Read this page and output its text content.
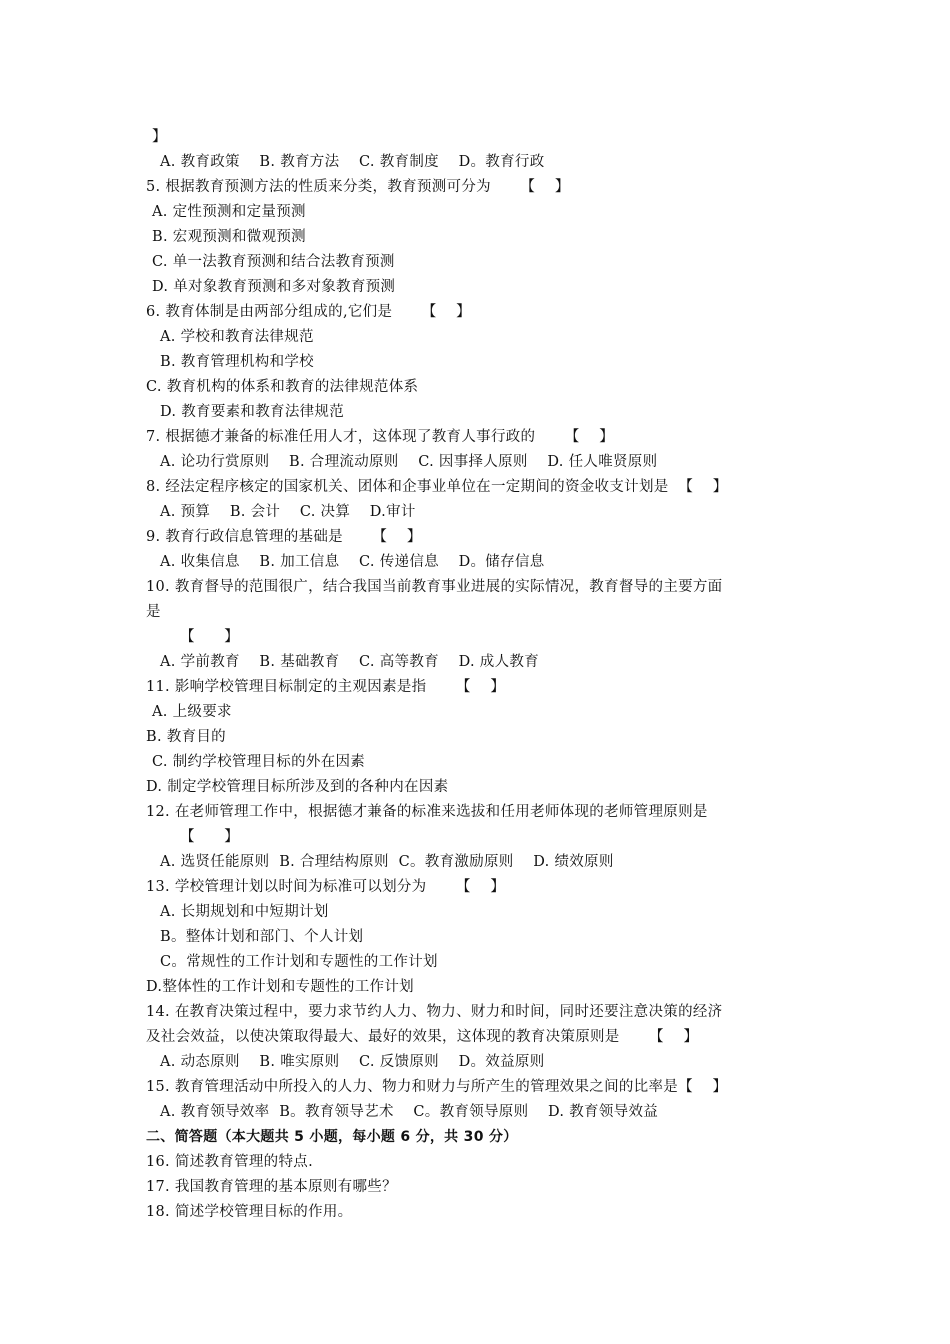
】
A. 教育政策    B. 教育方法    C. 教育制度    D。教育行政
5. 根据教育预测方法的性质来分类，教育预测可分为      【    】
A. 定性预测和定量预测
B. 宏观预测和微观预测
C. 单一法教育预测和结合法教育预测
D. 单对象教育预测和多对象教育预测
6. 教育体制是由两部分组成的,它们是      【    】
A. 学校和教育法律规范
B. 教育管理机构和学校
C. 教育机构的体系和教育的法律规范体系
D. 教育要素和教育法律规范
7. 根据德才兼备的标准任用人才，这体现了教育人事行政的      【    】
A. 论功行赏原则    B. 合理流动原则    C. 因事择人原则    D. 任人唯贤原则
8. 经法定程序核定的国家机关、团体和企事业单位在一定期间的资金收支计划是  【    】
A. 预算    B. 会计    C. 决算    D.审计
9. 教育行政信息管理的基础是      【    】
A. 收集信息    B. 加工信息    C. 传递信息    D。储存信息
10. 教育督导的范围很广，结合我国当前教育事业进展的实际情况，教育督导的主要方面
是
【      】
A. 学前教育    B. 基础教育    C. 高等教育    D. 成人教育
11. 影响学校管理目标制定的主观因素是指      【    】
A. 上级要求
B. 教育目的
C. 制约学校管理目标的外在因素
D. 制定学校管理目标所涉及到的各种内在因素
12. 在老师管理工作中，根据德才兼备的标准来选拔和任用老师体现的老师管理原则是
【      】
A. 选贤任能原则  B. 合理结构原则  C。教育激励原则    D. 绩效原则
13. 学校管理计划以时间为标准可以划分为      【    】
A. 长期规划和中短期计划
B。整体计划和部门、个人计划
C。常规性的工作计划和专题性的工作计划
D.整体性的工作计划和专题性的工作计划
14. 在教育决策过程中，要力求节约人力、物力、财力和时间，同时还要注意决策的经济
及社会效益，以使决策取得最大、最好的效果，这体现的教育决策原则是      【    】
A. 动态原则    B. 唯实原则    C. 反馈原则    D。效益原则
15. 教育管理活动中所投入的人力、物力和财力与所产生的管理效果之间的比率是【    】
A. 教育领导效率  B。教育领导艺术    C。教育领导原则    D. 教育领导效益
二、简答题（本大题共 5 小题，每小题 6 分，共 30 分）
16. 简述教育管理的特点.
17. 我国教育管理的基本原则有哪些？
18. 简述学校管理目标的作用。
